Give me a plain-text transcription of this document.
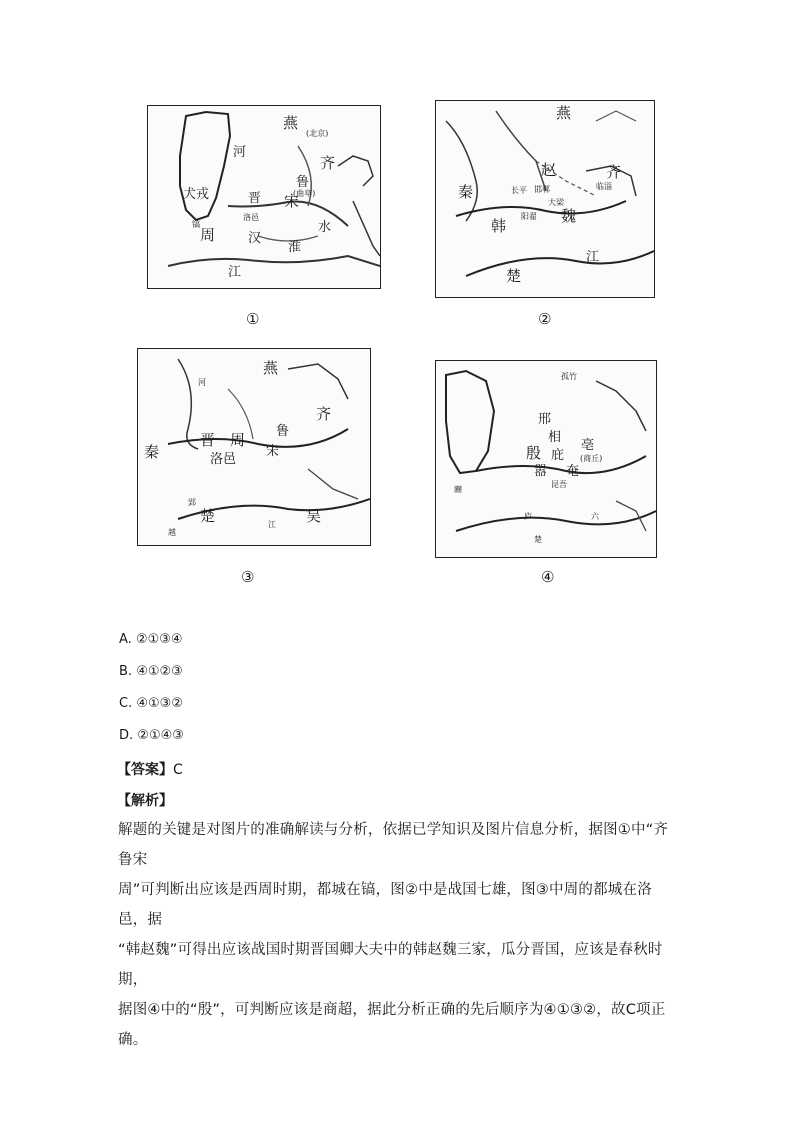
燕
齐
鲁
晋 宋
周
犬戎
河
水
淮
汉
江
洛邑
(曲阜)
镐
(北京)
①
燕
赵	齐
秦
韩
魏
楚
邯郸
长平
大梁
阳翟
临淄
江
②
燕
齐
鲁
晋 周
秦	宋
楚	吴
洛邑
河
江
郢
越
③
殷
邢
相
亳
(商丘)
庇
奄
嚣
昆吾
庐
楚
六
孤竹
豳
④
A. ②①③④
B. ④①②③
C. ④①③②
D. ②①④③
【答案】C
【解析】
解题的关键是对图片的准确解读与分析，依据已学知识及图片信息分析，据图①中“齐鲁宋
周”可判断出应该是西周时期，都城在镐，图②中是战国七雄，图③中周的都城在洛邑，据
“韩赵魏”可得出应该战国时期晋国卿大夫中的韩赵魏三家，瓜分晋国，应该是春秋时期，
据图④中的“殷”，可判断应该是商超，据此分析正确的先后顺序为④①③②，故C项正
确。
